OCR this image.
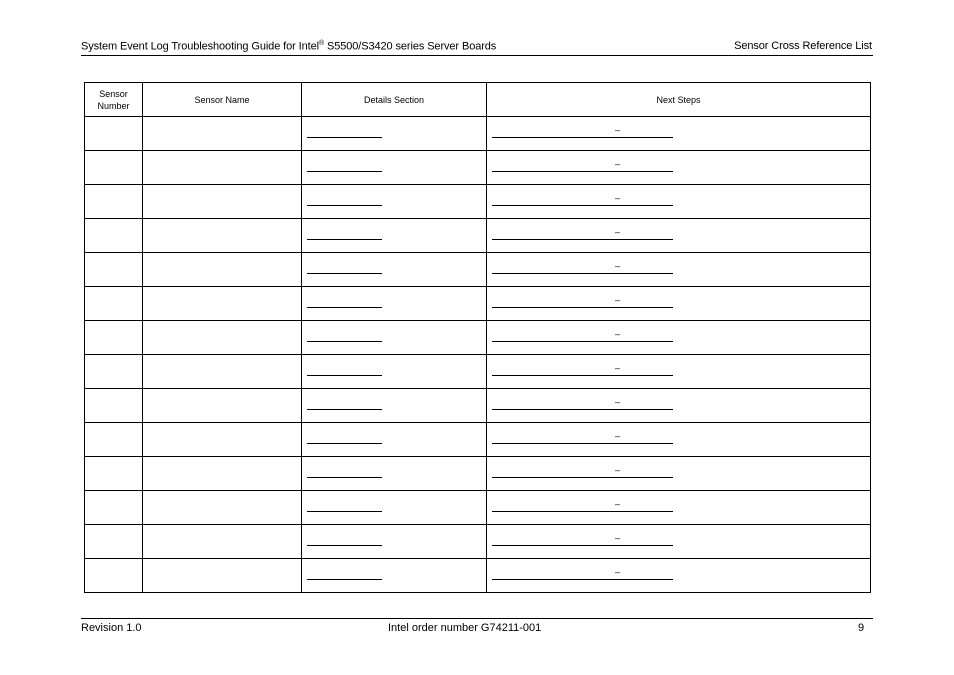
System Event Log Troubleshooting Guide for Intel® S5500/S3420 series Server Boards	Sensor Cross Reference List
Sensor Number	Sensor Name	Details Section	Next Steps

			–

			–

			–

			–

			–

			–

			–

			–

			–

			–

			–

			–

			–

			–
Revision 1.0	Intel order number G74211-001	9
